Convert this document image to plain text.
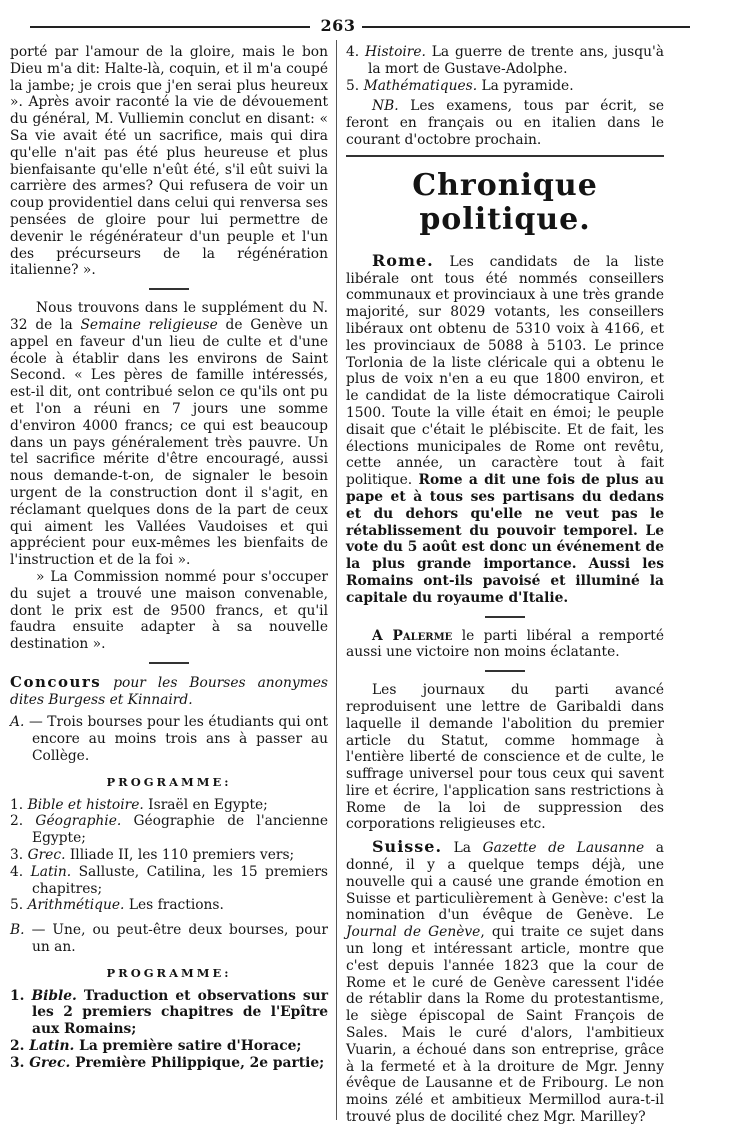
263

porté par l'amour de la gloire, mais le bon Dieu m'a dit: Halte-là, coquin, et il m'a coupé la jambe; je crois que j'en serai plus heureux ». Après avoir raconté la vie de dévouement du général, M. Vulliemin conclut en disant: « Sa vie avait été un sacrifice, mais qui dira qu'elle n'ait pas été plus heureuse et plus bienfaisante qu'elle n'eût été, s'il eût suivi la carrière des armes? Qui refusera de voir un coup providentiel dans celui qui renversa ses pensées de gloire pour lui permettre de devenir le régénérateur d'un peuple et l'un des précurseurs de la régénération italienne? ».

Nous trouvons dans le supplément du N. 32 de la Semaine religieuse de Genève un appel en faveur d'un lieu de culte et d'une école à établir dans les environs de Saint Second. « Les pères de famille intéressés, est-il dit, ont contribué selon ce qu'ils ont pu et l'on a réuni en 7 jours une somme d'environ 4000 francs; ce qui est beaucoup dans un pays généralement très pauvre. Un tel sacrifice mérite d'être encouragé, aussi nous demande-t-on, de signaler le besoin urgent de la construction dont il s'agit, en réclamant quelques dons de la part de ceux qui aiment les Vallées Vaudoises et qui apprécient pour eux-mêmes les bienfaits de l'instruction et de la foi ».

» La Commission nommé pour s'occuper du sujet a trouvé une maison convenable, dont le prix est de 9500 francs, et qu'il faudra ensuite adapter à sa nouvelle destination ».

Concours pour les Bourses anonymes dites Burgess et Kinnaird.

A. — Trois bourses pour les étudiants qui ont encore au moins trois ans à passer au Collège.

PROGRAMME:

1. Bible et histoire. Israël en Egypte;

2. Géographie. Géographie de l'ancienne Egypte;

3. Grec. Illiade II, les 110 premiers vers;

4. Latin. Salluste, Catilina, les 15 premiers chapitres;

5. Arithmétique. Les fractions.

B. — Une, ou peut-être deux bourses, pour un an.

PROGRAMME:

1. Bible. Traduction et observations sur les 2 premiers chapitres de l'Epître aux Romains;

2. Latin. La première satire d'Horace;

3. Grec. Première Philippique, 2e partie;

4. Histoire. La guerre de trente ans, jusqu'à la mort de Gustave-Adolphe.

5. Mathématiques. La pyramide.

NB. Les examens, tous par écrit, se feront en français ou en italien dans le courant d'octobre prochain.

Chronique politique.

Rome. Les candidats de la liste libérale ont tous été nommés conseillers communaux et provinciaux à une très grande majorité, sur 8029 votants, les conseillers libéraux ont obtenu de 5310 voix à 4166, et les provinciaux de 5088 à 5103. Le prince Torlonia de la liste cléricale qui a obtenu le plus de voix n'en a eu que 1800 environ, et le candidat de la liste démocratique Cairoli 1500. Toute la ville était en émoi; le peuple disait que c'était le plébiscite. Et de fait, les élections municipales de Rome ont revêtu, cette année, un caractère tout à fait politique. Rome a dit une fois de plus au pape et à tous ses partisans du dedans et du dehors qu'elle ne veut pas le rétablissement du pouvoir temporel. Le vote du 5 août est donc un événement de la plus grande importance. Aussi les Romains ont-ils pavoisé et illuminé la capitale du royaume d'Italie.

A Palerme le parti libéral a remporté aussi une victoire non moins éclatante.

Les journaux du parti avancé reproduisent une lettre de Garibaldi dans laquelle il demande l'abolition du premier article du Statut, comme hommage à l'entière liberté de conscience et de culte, le suffrage universel pour tous ceux qui savent lire et écrire, l'application sans restrictions à Rome de la loi de suppression des corporations religieuses etc.

Suisse. La Gazette de Lausanne a donné, il y a quelque temps déjà, une nouvelle qui a causé une grande émotion en Suisse et particulièrement à Genève: c'est la nomination d'un évêque de Genève. Le Journal de Genève, qui traite ce sujet dans un long et intéressant article, montre que c'est depuis l'année 1823 que la cour de Rome et le curé de Genève caressent l'idée de rétablir dans la Rome du protestantisme, le siège épiscopal de Saint François de Sales. Mais le curé d'alors, l'ambitieux Vuarin, a échoué dans son entreprise, grâce à la fermeté et à la droiture de Mgr. Jenny évêque de Lausanne et de Fribourg. Le non moins zélé et ambitieux Mermillod aura-t-il trouvé plus de docilité chez Mgr. Marilley?
